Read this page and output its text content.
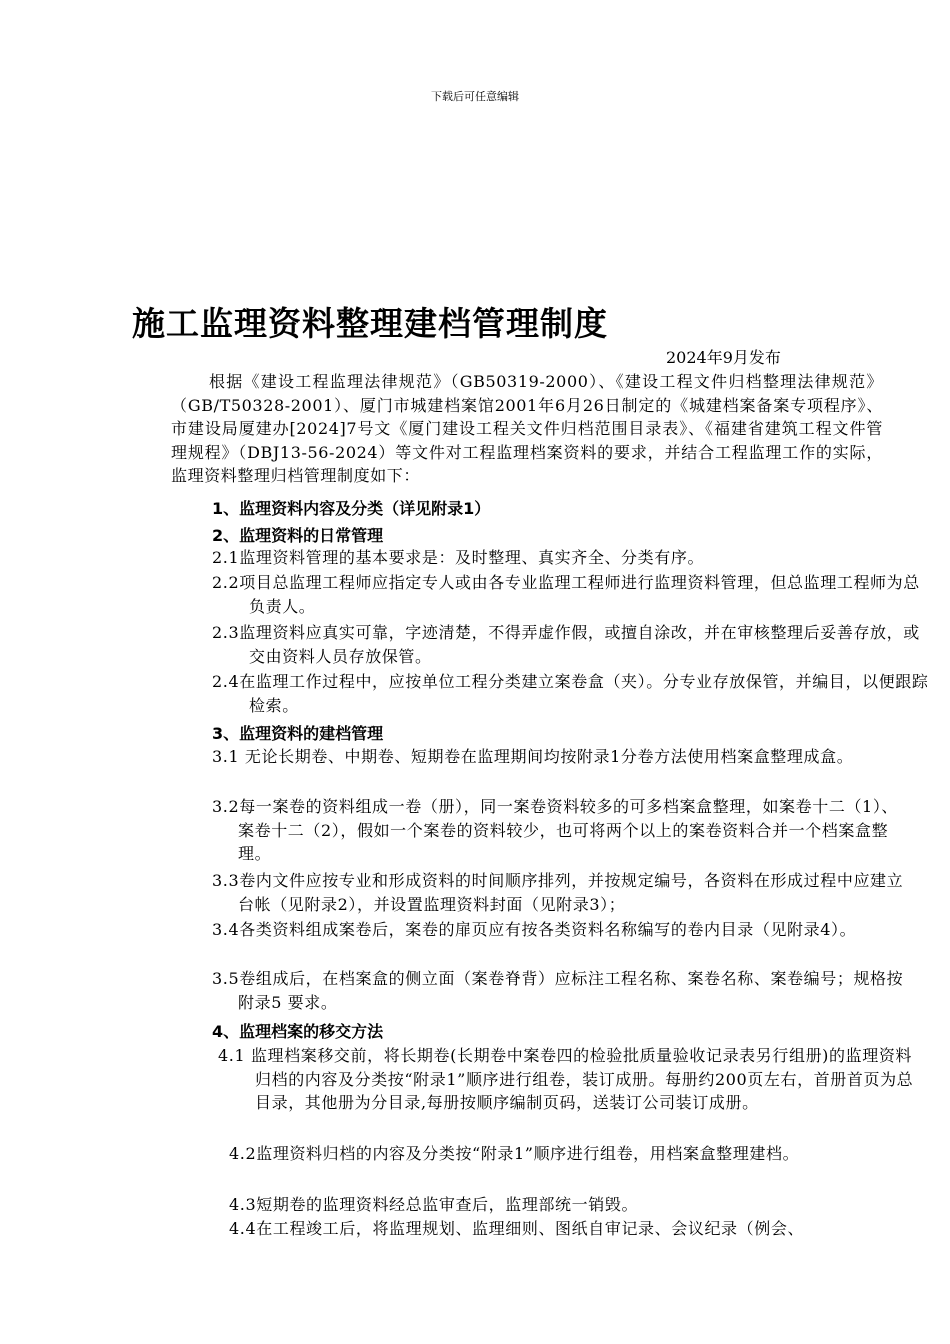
下载后可任意编辑
施工监理资料整理建档管理制度
2024年9月发布

根据《建设工程监理法律规范》（GB50319-2000）、《建设工程文件归档整理法律规范》（GB/T50328-2001）、厦门市城建档案馆2001年6月26日制定的《城建档案备案专项程序》、市建设局厦建办[2024]7号文《厦门建设工程关文件归档范围目录表》、《福建省建筑工程文件管理规程》（DBJ13-56-2024）等文件对工程监理档案资料的要求，并结合工程监理工作的实际，监理资料整理归档管理制度如下：

1、监理资料内容及分类（详见附录1）
2、监理资料的日常管理

2.1监理资料管理的基本要求是：及时整理、真实齐全、分类有序。

2.2项目总监理工程师应指定专人或由各专业监理工程师进行监理资料管理，但总监理工程师为总负责人。

2.3监理资料应真实可靠，字迹清楚，不得弄虚作假，或擅自涂改，并在审核整理后妥善存放，或交由资料人员存放保管。

2.4在监理工作过程中，应按单位工程分类建立案卷盒（夹）。分专业存放保管，并编目，以便跟踪检索。

3、监理资料的建档管理

3.1 无论长期卷、中期卷、短期卷在监理期间均按附录1分卷方法使用档案盒整理成盒。

3.2每一案卷的资料组成一卷（册），同一案卷资料较多的可多档案盒整理，如案卷十二（1）、案卷十二（2），假如一个案卷的资料较少，也可将两个以上的案卷资料合并一个档案盒整理。

3.3卷内文件应按专业和形成资料的时间顺序排列，并按规定编号，各资料在形成过程中应建立台帐（见附录2），并设置监理资料封面（见附录3）；

3.4各类资料组成案卷后，案卷的扉页应有按各类资料名称编写的卷内目录（见附录4）。

3.5卷组成后，在档案盒的侧立面（案卷脊背）应标注工程名称、案卷名称、案卷编号；规格按附录5 要求。

4、监理档案的移交方法

4.1 监理档案移交前，将长期卷(长期卷中案卷四的检验批质量验收记录表另行组册)的监理资料归档的内容及分类按“附录1”顺序进行组卷，装订成册。每册约200页左右，首册首页为总目录，其他册为分目录,每册按顺序编制页码，送装订公司装订成册。

4.2监理资料归档的内容及分类按“附录1”顺序进行组卷，用档案盒整理建档。

4.3短期卷的监理资料经总监审查后，监理部统一销毁。

4.4在工程竣工后，将监理规划、监理细则、图纸自审记录、会议纪录（例会、
